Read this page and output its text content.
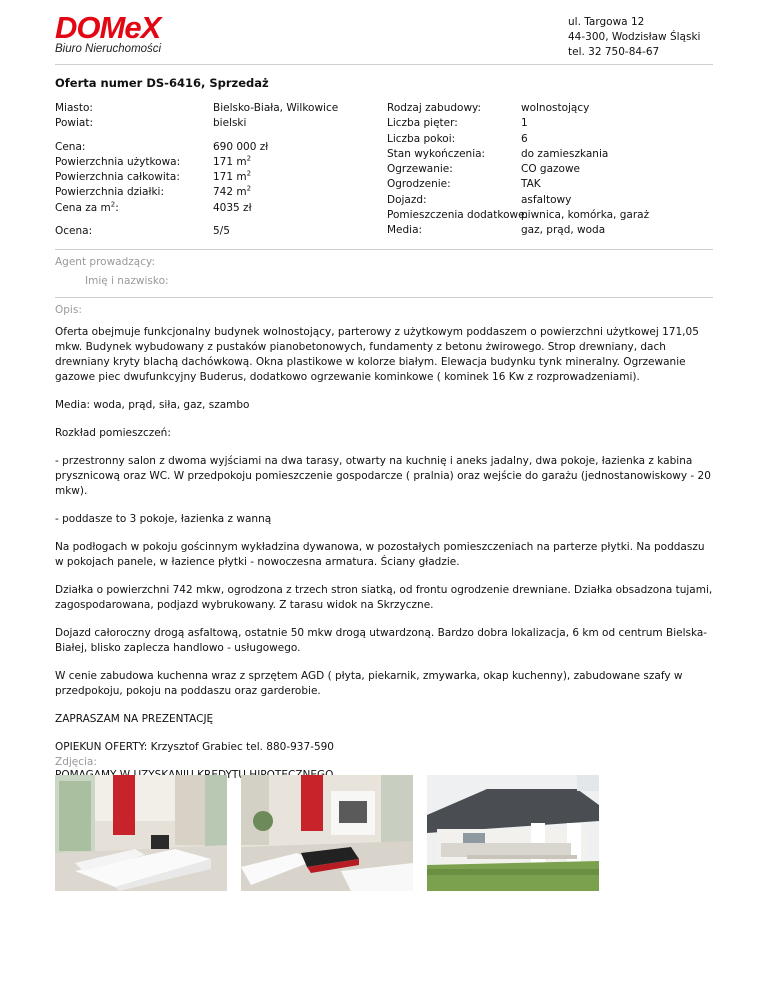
DOMeX
Biuro Nieruchomości
ul. Targowa 12
44-300, Wodzisław Śląski
tel. 32 750-84-67
Oferta numer DS-6416, Sprzedaż
Miasto:	Bielsko-Biała, Wilkowice
Powiat:	bielski
Cena:	690 000 zł
Powierzchnia użytkowa:	171 $m^2$
Powierzchnia całkowita:	171 $m^2$
Powierzchnia działki:	742 $m^2$
Cena za $m^2$:	4035 zł
Ocena:	5/5
Rodzaj zabudowy:	wolnostojący
Liczba pięter:	1
Liczba pokoi:	6
Stan wykończenia:	do zamieszkania
Ogrzewanie:	CO gazowe
Ogrodzenie:	TAK
Dojazd:	asfaltowy
Pomieszczenia dodatkowe:
piwnica, komórka, garaż
Media:	gaz, prąd, woda
Agent prowadzący:
Imię i nazwisko:
Opis:

Oferta obejmuje funkcjonalny budynek wolnostojący, parterowy z użytkowym poddaszem o powierzchni użytkowej 171,05 mkw. Budynek wybudowany z pustaków pianobetonowych, fundamenty z betonu żwirowego. Strop drewniany, dach drewniany kryty blachą dachówkową. Okna plastikowe w kolorze białym. Elewacja budynku tynk mineralny. Ogrzewanie gazowe piec dwufunkcyjny Buderus, dodatkowo ogrzewanie kominkowe ( kominek 16 Kw z rozprowadzeniami).

Media: woda, prąd, siła, gaz, szambo

Rozkład pomieszczeń:

- przestronny salon z dwoma wyjściami na dwa tarasy, otwarty na kuchnię i aneks jadalny, dwa pokoje, łazienka z kabina prysznicową oraz WC. W przedpokoju pomieszczenie gospodarcze ( pralnia) oraz wejście do garażu (jednostanowiskowy - 20 mkw).

- poddasze to 3 pokoje, łazienka z wanną

Na podłogach w pokoju gościnnym wykładzina dywanowa, w pozostałych pomieszczeniach na parterze płytki. Na poddaszu w pokojach panele, w łazience płytki - nowoczesna armatura. Ściany gładzie.

Działka o powierzchni 742 mkw, ogrodzona z trzech stron siatką, od frontu ogrodzenie drewniane. Działka obsadzona tujami, zagospodarowana, podjazd wybrukowany. Z tarasu widok na Skrzyczne.

Dojazd całoroczny drogą asfaltową, ostatnie 50 mkw drogą utwardzoną. Bardzo dobra lokalizacja, 6 km od centrum Bielska-Białej, blisko zaplecza handlowo - usługowego.

W cenie zabudowa kuchenna wraz z sprzętem AGD ( płyta, piekarnik, zmywarka, okap kuchenny), zabudowane szafy w przedpokoju, pokoju na poddaszu oraz garderobie.

ZAPRASZAM NA PREZENTACJĘ

OPIEKUN OFERTY: Krzysztof Grabiec tel. 880-937-590

Zdjęcia:
